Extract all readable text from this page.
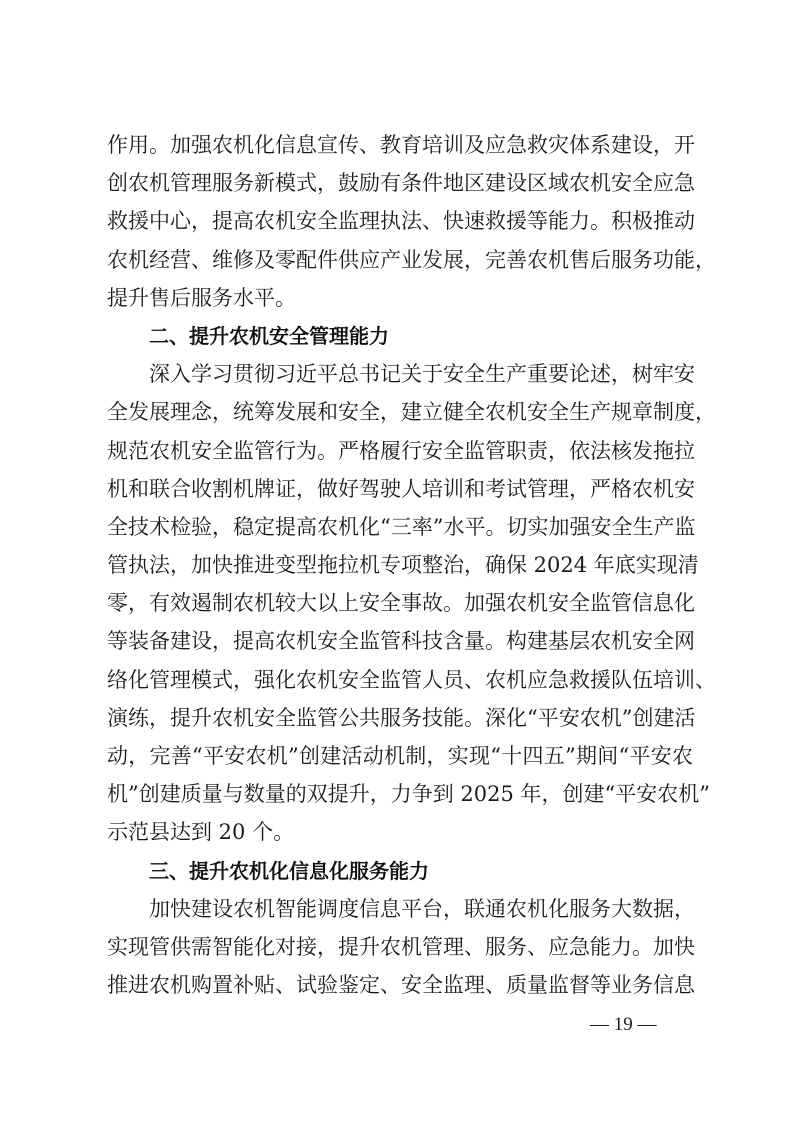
作用。加强农机化信息宣传、教育培训及应急救灾体系建设，开
创农机管理服务新模式，鼓励有条件地区建设区域农机安全应急
救援中心，提高农机安全监理执法、快速救援等能力。积极推动
农机经营、维修及零配件供应产业发展，完善农机售后服务功能，
提升售后服务水平。
二、提升农机安全管理能力
深入学习贯彻习近平总书记关于安全生产重要论述，树牢安
全发展理念，统筹发展和安全，建立健全农机安全生产规章制度，
规范农机安全监管行为。严格履行安全监管职责，依法核发拖拉
机和联合收割机牌证，做好驾驶人培训和考试管理，严格农机安
全技术检验，稳定提高农机化“三率”水平。切实加强安全生产监
管执法，加快推进变型拖拉机专项整治，确保 2024 年底实现清
零，有效遏制农机较大以上安全事故。加强农机安全监管信息化
等装备建设，提高农机安全监管科技含量。构建基层农机安全网
络化管理模式，强化农机安全监管人员、农机应急救援队伍培训、
演练，提升农机安全监管公共服务技能。深化“平安农机”创建活
动，完善“平安农机”创建活动机制，实现“十四五”期间“平安农
机”创建质量与数量的双提升，力争到 2025 年，创建“平安农机”
示范县达到 20 个。
三、提升农机化信息化服务能力
加快建设农机智能调度信息平台，联通农机化服务大数据，
实现管供需智能化对接，提升农机管理、服务、应急能力。加快
推进农机购置补贴、试验鉴定、安全监理、质量监督等业务信息
— 19 —
